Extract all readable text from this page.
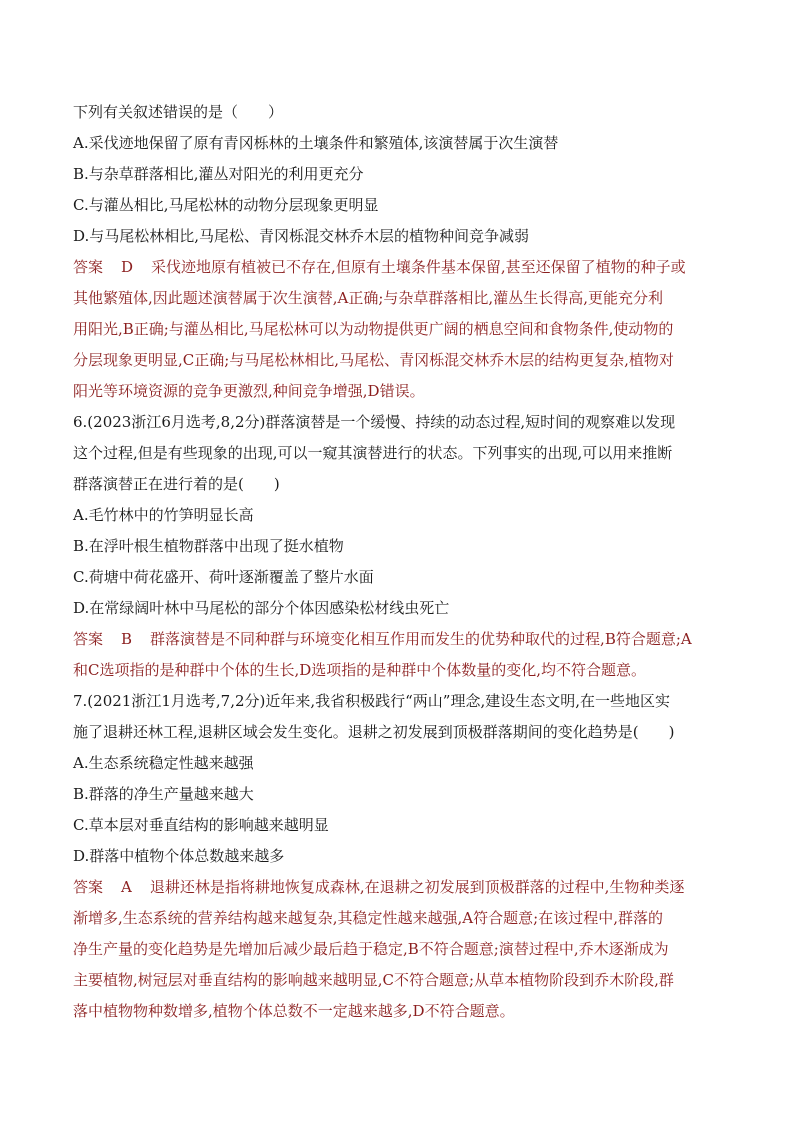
下列有关叙述错误的是（　　）
A.采伐迹地保留了原有青冈栎林的土壤条件和繁殖体,该演替属于次生演替
B.与杂草群落相比,灌丛对阳光的利用更充分
C.与灌丛相比,马尾松林的动物分层现象更明显
D.与马尾松林相比,马尾松、青冈栎混交林乔木层的植物种间竞争减弱
答案 D 采伐迹地原有植被已不存在,但原有土壤条件基本保留,甚至还保留了植物的种子或
其他繁殖体,因此题述演替属于次生演替,A正确;与杂草群落相比,灌丛生长得高,更能充分利
用阳光,B正确;与灌丛相比,马尾松林可以为动物提供更广阔的栖息空间和食物条件,使动物的
分层现象更明显,C正确;与马尾松林相比,马尾松、青冈栎混交林乔木层的结构更复杂,植物对
阳光等环境资源的竞争更激烈,种间竞争增强,D错误。
6.(2023浙江6月选考,8,2分)群落演替是一个缓慢、持续的动态过程,短时间的观察难以发现
这个过程,但是有些现象的出现,可以一窥其演替进行的状态。下列事实的出现,可以用来推断
群落演替正在进行着的是(　　)
A.毛竹林中的竹笋明显长高
B.在浮叶根生植物群落中出现了挺水植物
C.荷塘中荷花盛开、荷叶逐渐覆盖了整片水面
D.在常绿阔叶林中马尾松的部分个体因感染松材线虫死亡
答案 B 群落演替是不同种群与环境变化相互作用而发生的优势种取代的过程,B符合题意;A
和C选项指的是种群中个体的生长,D选项指的是种群中个体数量的变化,均不符合题意。
7.(2021浙江1月选考,7,2分)近年来,我省积极践行“两山”理念,建设生态文明,在一些地区实
施了退耕还林工程,退耕区域会发生变化。退耕之初发展到顶极群落期间的变化趋势是(　　)
A.生态系统稳定性越来越强
B.群落的净生产量越来越大
C.草本层对垂直结构的影响越来越明显
D.群落中植物个体总数越来越多
答案 A 退耕还林是指将耕地恢复成森林,在退耕之初发展到顶极群落的过程中,生物种类逐
渐增多,生态系统的营养结构越来越复杂,其稳定性越来越强,A符合题意;在该过程中,群落的
净生产量的变化趋势是先增加后减少最后趋于稳定,B不符合题意;演替过程中,乔木逐渐成为
主要植物,树冠层对垂直结构的影响越来越明显,C不符合题意;从草本植物阶段到乔木阶段,群
落中植物物种数增多,植物个体总数不一定越来越多,D不符合题意。
